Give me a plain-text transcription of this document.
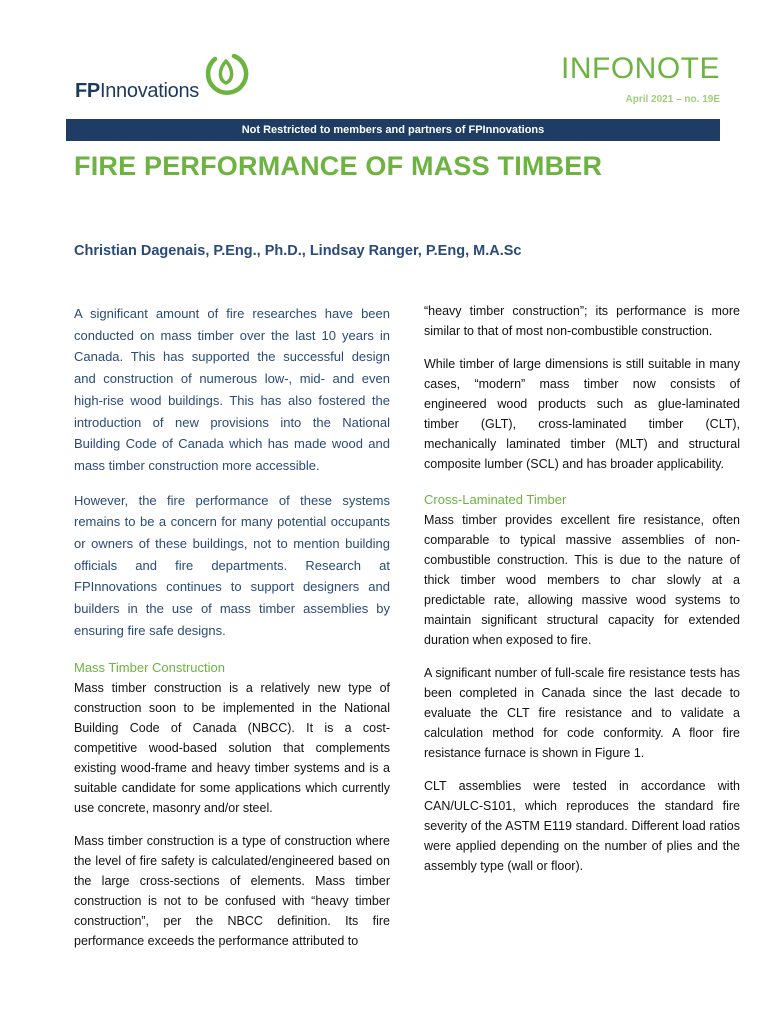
FPInnovations
INFONOTE
April 2021 – no. 19E
Not Restricted to members and partners of FPInnovations
FIRE PERFORMANCE OF MASS TIMBER
Christian Dagenais, P.Eng., Ph.D., Lindsay Ranger, P.Eng, M.A.Sc

A significant amount of fire researches have been conducted on mass timber over the last 10 years in Canada. This has supported the successful design and construction of numerous low-, mid- and even high-rise wood buildings. This has also fostered the introduction of new provisions into the National Building Code of Canada which has made wood and mass timber construction more accessible.

However, the fire performance of these systems remains to be a concern for many potential occupants or owners of these buildings, not to mention building officials and fire departments. Research at FPInnovations continues to support designers and builders in the use of mass timber assemblies by ensuring fire safe designs.

Mass Timber Construction

Mass timber construction is a relatively new type of construction soon to be implemented in the National Building Code of Canada (NBCC). It is a cost-competitive wood-based solution that complements existing wood-frame and heavy timber systems and is a suitable candidate for some applications which currently use concrete, masonry and/or steel.

Mass timber construction is a type of construction where the level of fire safety is calculated/engineered based on the large cross-sections of elements. Mass timber construction is not to be confused with “heavy timber construction”, per the NBCC definition. Its fire performance exceeds the performance attributed to

“heavy timber construction”; its performance is more similar to that of most non-combustible construction.

While timber of large dimensions is still suitable in many cases, “modern” mass timber now consists of engineered wood products such as glue-laminated timber (GLT), cross-laminated timber (CLT), mechanically laminated timber (MLT) and structural composite lumber (SCL) and has broader applicability.

Cross-Laminated Timber

Mass timber provides excellent fire resistance, often comparable to typical massive assemblies of non-combustible construction. This is due to the nature of thick timber wood members to char slowly at a predictable rate, allowing massive wood systems to maintain significant structural capacity for extended duration when exposed to fire.

A significant number of full-scale fire resistance tests has been completed in Canada since the last decade to evaluate the CLT fire resistance and to validate a calculation method for code conformity. A floor fire resistance furnace is shown in Figure 1.

CLT assemblies were tested in accordance with CAN/ULC-S101, which reproduces the standard fire severity of the ASTM E119 standard. Different load ratios were applied depending on the number of plies and the assembly type (wall or floor).
